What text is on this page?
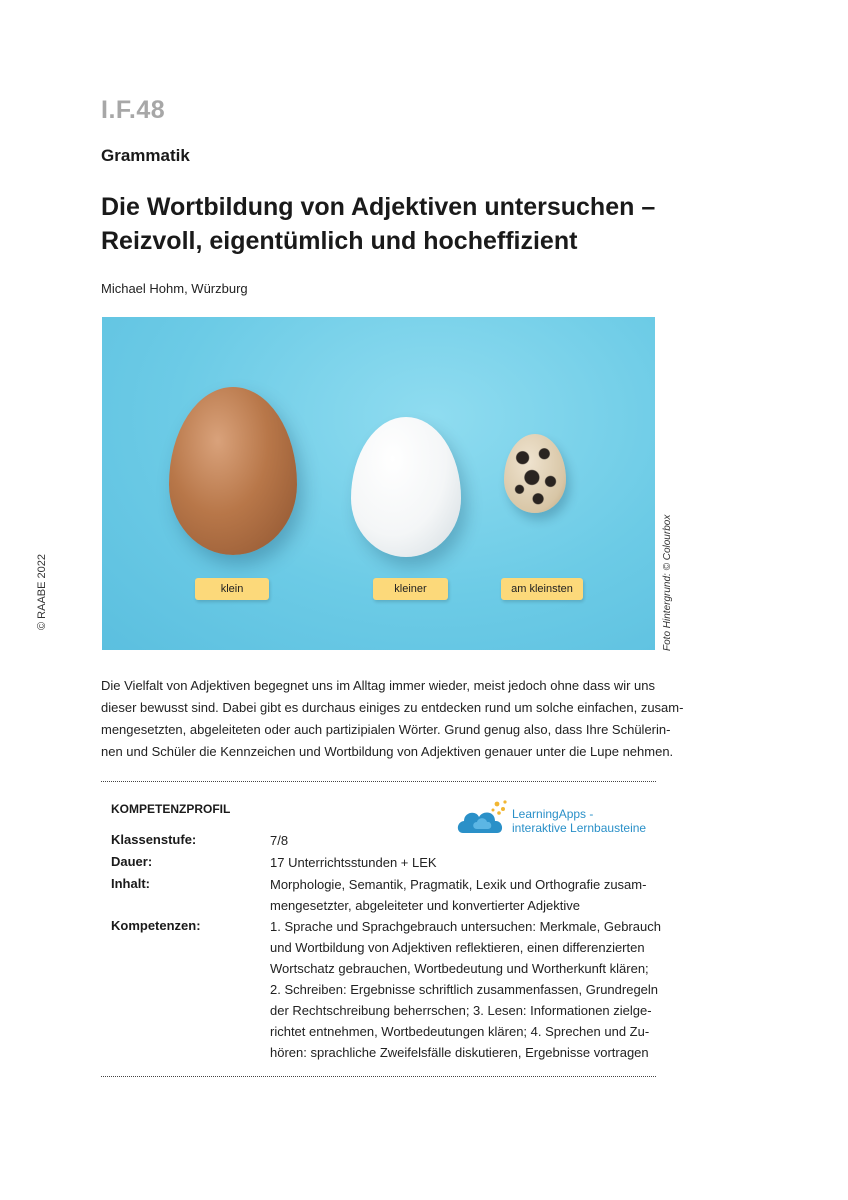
I.F.48
Grammatik
Die Wortbildung von Adjektiven untersuchen –
Reizvoll, eigentümlich und hocheffizient
Michael Hohm, Würzburg
© RAABE 2022	Foto Hintergrund: © Colourbox
klein	kleiner	am kleinsten

Die Vielfalt von Adjektiven begegnet uns im Alltag immer wieder, meist jedoch ohne dass wir uns
dieser bewusst sind. Dabei gibt es durchaus einiges zu entdecken rund um solche einfachen, zusam-
mengesetzten, abgeleiteten oder auch partizipialen Wörter. Grund genug also, dass Ihre Schülerin-
nen und Schüler die Kennzeichen und Wortbildung von Adjektiven genauer unter die Lupe nehmen.

KOMPETENZPROFIL	LearningApps -
interaktive Lernbausteine
Klassenstufe:	7/8
Dauer:	17 Unterrichtsstunden + LEK
Inhalt:	Morphologie, Semantik, Pragmatik, Lexik und Orthografie zusam-
mengesetzter, abgeleiteter und konvertierter Adjektive
Kompetenzen:	1. Sprache und Sprachgebrauch untersuchen: Merkmale, Gebrauch
und Wortbildung von Adjektiven reflektieren, einen differenzierten
Wortschatz gebrauchen, Wortbedeutung und Wortherkunft klären;
2. Schreiben: Ergebnisse schriftlich zusammenfassen, Grundregeln
der Rechtschreibung beherrschen; 3. Lesen: Informationen zielge-
richtet entnehmen, Wortbedeutungen klären; 4. Sprechen und Zu-
hören: sprachliche Zweifelsfälle diskutieren, Ergebnisse vortragen
